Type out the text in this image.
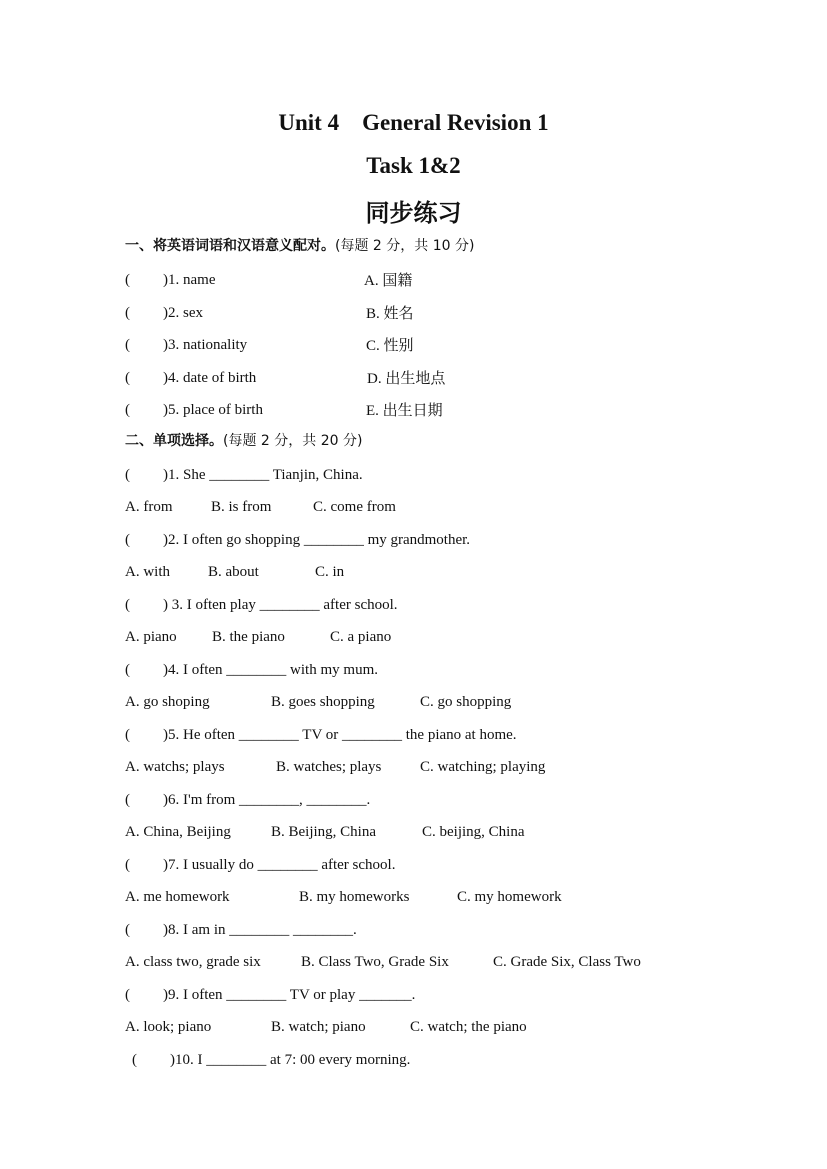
Unit 4    General Revision 1
Task 1&2
同步练习
一、将英语词语和汉语意义配对。(每题 2 分，共 10 分)
( )1. name	A. 国籍
( )2. sex	B. 姓名
( )3. nationality	C. 性别
( )4. date of birth	D. 出生地点
( )5. place of birth	E. 出生日期
二、单项选择。(每题 2 分，共 20 分)
( )1. She ________ Tianjin, China.
A. from	B. is from	C. come from
( )2. I often go shopping ________ my grandmother.
A. with	B. about	C. in
( ) 3. I often play ________ after school.
A. piano B. the piano	C. a piano
( )4. I often ________ with my mum.
A. go shoping	B. goes shopping	C. go shopping
( )5. He often ________ TV or ________ the piano at home.
A. watchs; plays	B. watches; plays	C. watching; playing
( )6. I'm from ________, ________.
A. China, Beijing	B. Beijing, China	C. beijing, China
( )7. I usually do ________ after school.
A. me homework	B. my homeworks	C. my homework
( )8. I am in ________ ________.
A. class two, grade six	B. Class Two, Grade Six	C. Grade Six, Class Two
( )9. I often ________ TV or play _______.
A. look; piano	B. watch; piano	C. watch; the piano
( )10. I ________ at 7: 00 every morning.
